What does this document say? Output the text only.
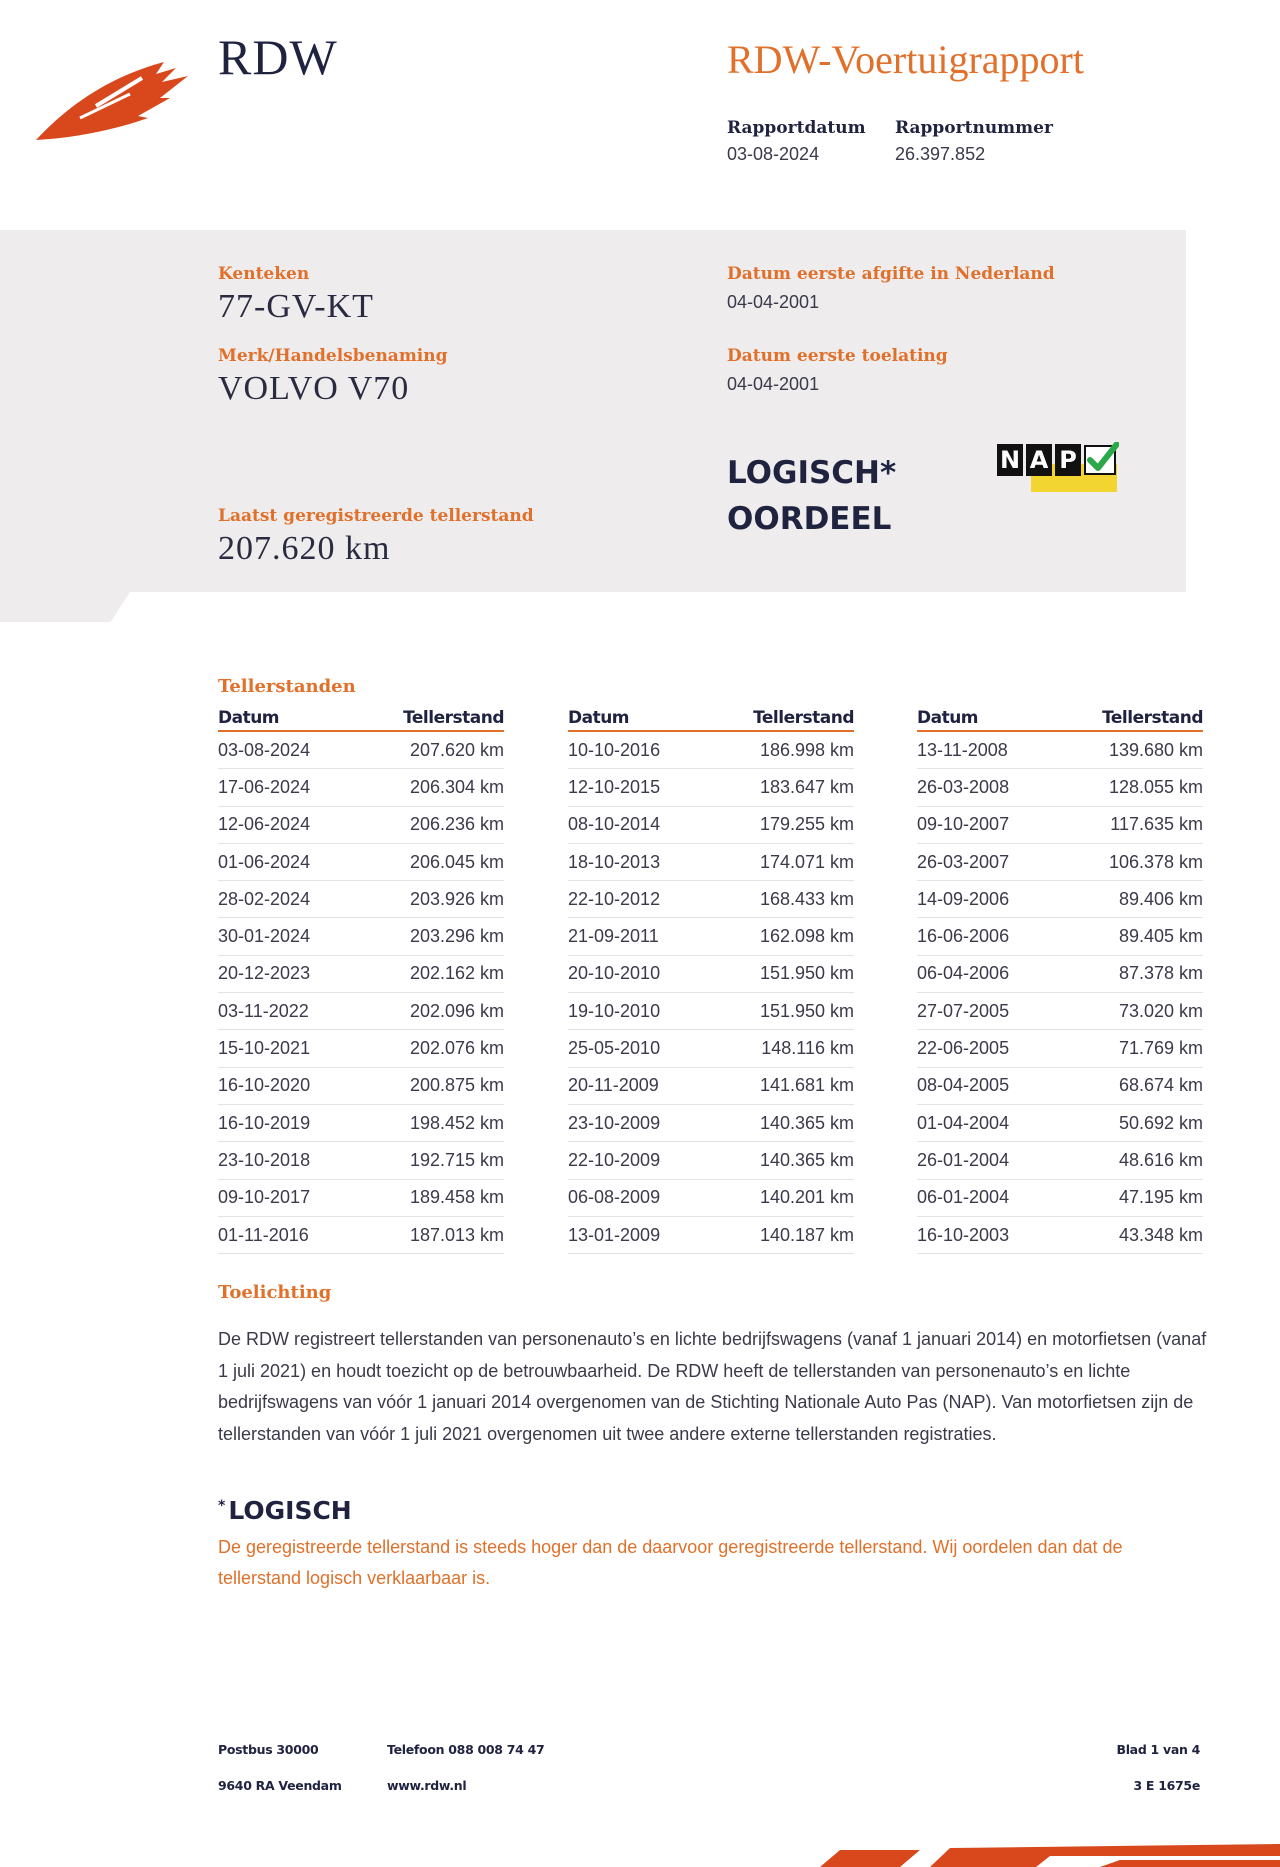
RDW	RDW-Voertuigrapport
Rapportdatum
03-08-2024
Rapportnummer
26.397.852
Kenteken
77-GV-KT
Merk/Handelsbenaming
VOLVO V70
Laatst geregistreerde tellerstand
207.620 km
Datum eerste afgifte in Nederland
04-04-2001
Datum eerste toelating
04-04-2001
LOGISCH*
OORDEEL
N A P
Tellerstanden
Datum	Tellerstand
03-08-2024	207.620 km
17-06-2024	206.304 km
12-06-2024	206.236 km
01-06-2024	206.045 km
28-02-2024	203.926 km
30-01-2024	203.296 km
20-12-2023	202.162 km
03-11-2022	202.096 km
15-10-2021	202.076 km
16-10-2020	200.875 km
16-10-2019	198.452 km
23-10-2018	192.715 km
09-10-2017	189.458 km
01-11-2016	187.013 km
Datum	Tellerstand
10-10-2016	186.998 km
12-10-2015	183.647 km
08-10-2014	179.255 km
18-10-2013	174.071 km
22-10-2012	168.433 km
21-09-2011	162.098 km
20-10-2010	151.950 km
19-10-2010	151.950 km
25-05-2010	148.116 km
20-11-2009	141.681 km
23-10-2009	140.365 km
22-10-2009	140.365 km
06-08-2009	140.201 km
13-01-2009	140.187 km
Datum	Tellerstand
13-11-2008	139.680 km
26-03-2008	128.055 km
09-10-2007	117.635 km
26-03-2007	106.378 km
14-09-2006	89.406 km
16-06-2006	89.405 km
06-04-2006	87.378 km
27-07-2005	73.020 km
22-06-2005	71.769 km
08-04-2005	68.674 km
01-04-2004	50.692 km
26-01-2004	48.616 km
06-01-2004	47.195 km
16-10-2003	43.348 km
Toelichting
De RDW registreert tellerstanden van personenauto’s en lichte bedrijfswagens (vanaf 1 januari 2014) en motorfietsen (vanaf 1 juli 2021) en houdt toezicht op de betrouwbaarheid. De RDW heeft de tellerstanden van personenauto’s en lichte bedrijfswagens van vóór 1 januari 2014 overgenomen van de Stichting Nationale Auto Pas (NAP). Van motorfietsen zijn de tellerstanden van vóór 1 juli 2021 overgenomen uit twee andere externe tellerstanden registraties.
* LOGISCH
De geregistreerde tellerstand is steeds hoger dan de daarvoor geregistreerde tellerstand. Wij oordelen dan dat de tellerstand logisch verklaarbaar is.
Postbus 30000
9640 RA Veendam
Telefoon 088 008 74 47
www.rdw.nl
Blad 1 van 4
3 E 1675e
